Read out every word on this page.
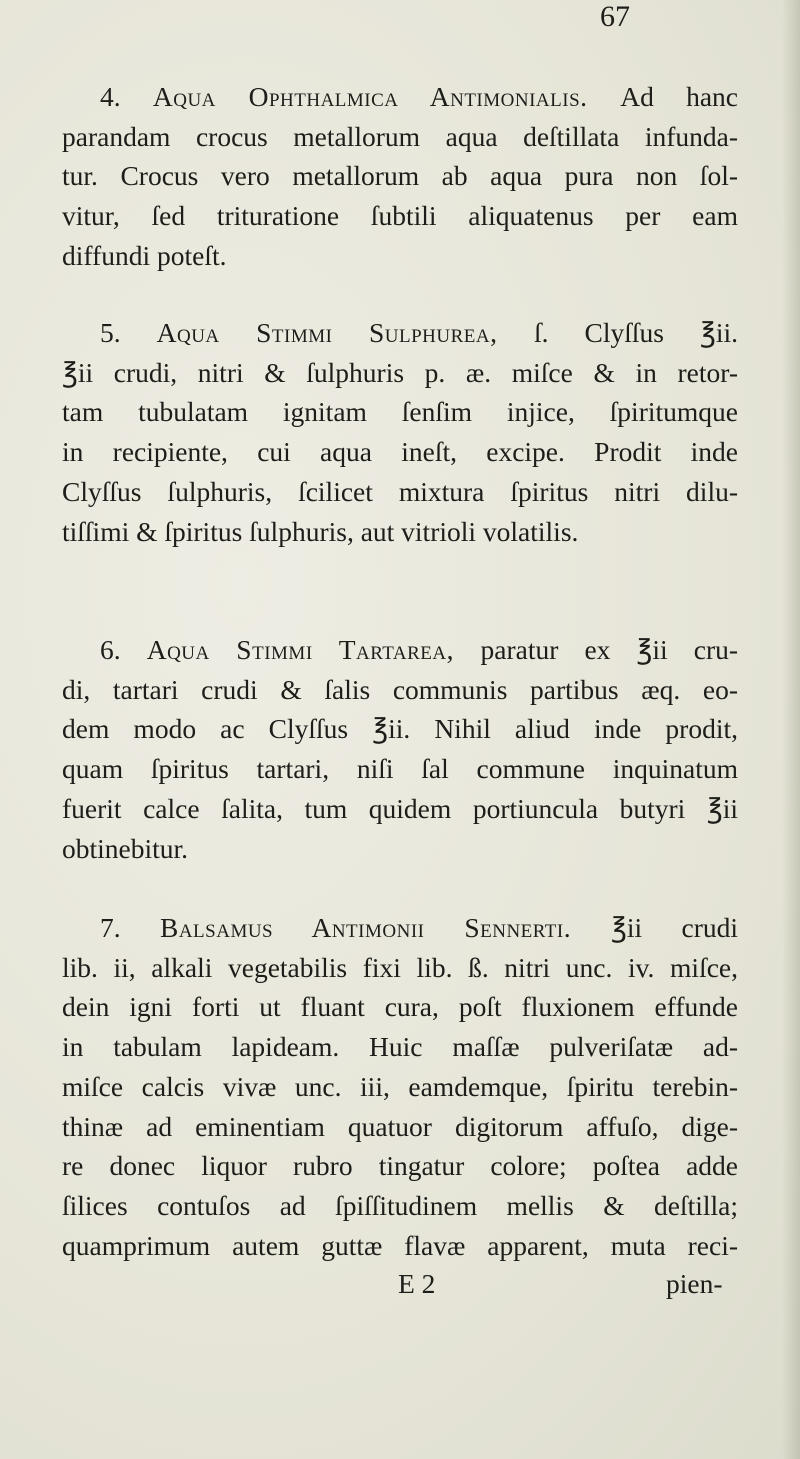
67
4. Aqua Ophthalmica Antimonialis. Ad hanc
parandam crocus metallorum aqua deſtillata infunda-
tur. Crocus vero metallorum ab aqua pura non ſol-
vitur, ſed trituratione ſubtili aliquatenus per eam
diffundi poteſt.
5. Aqua Stimmi Sulphurea, ſ. Clyſſus ℥ii.
℥ii crudi, nitri & ſulphuris p. æ. miſce & in retor-
tam tubulatam ignitam ſenſim injice, ſpiritumque
in recipiente, cui aqua ineſt, excipe. Prodit inde
Clyſſus ſulphuris, ſcilicet mixtura ſpiritus nitri dilu-
tiſſimi & ſpiritus ſulphuris, aut vitrioli volatilis.
6. Aqua Stimmi Tartarea, paratur ex ℥ii cru-
di, tartari crudi & ſalis communis partibus æq. eo-
dem modo ac Clyſſus ℥ii. Nihil aliud inde prodit,
quam ſpiritus tartari, niſi ſal commune inquinatum
fuerit calce ſalita, tum quidem portiuncula butyri ℥ii
obtinebitur.
7. Balsamus Antimonii Sennerti. ℥ii crudi
lib. ii, alkali vegetabilis fixi lib. ß. nitri unc. iv. miſce,
dein igni forti ut fluant cura, poſt fluxionem effunde
in tabulam lapideam. Huic maſſæ pulveriſatæ ad-
miſce calcis vivæ unc. iii, eamdemque, ſpiritu terebin-
thinæ ad eminentiam quatuor digitorum affuſo, dige-
re donec liquor rubro tingatur colore; poſtea adde
ſilices contuſos ad ſpiſſitudinem mellis & deſtilla;
quamprimum autem guttæ flavæ apparent, muta reci-
E 2	pien-
